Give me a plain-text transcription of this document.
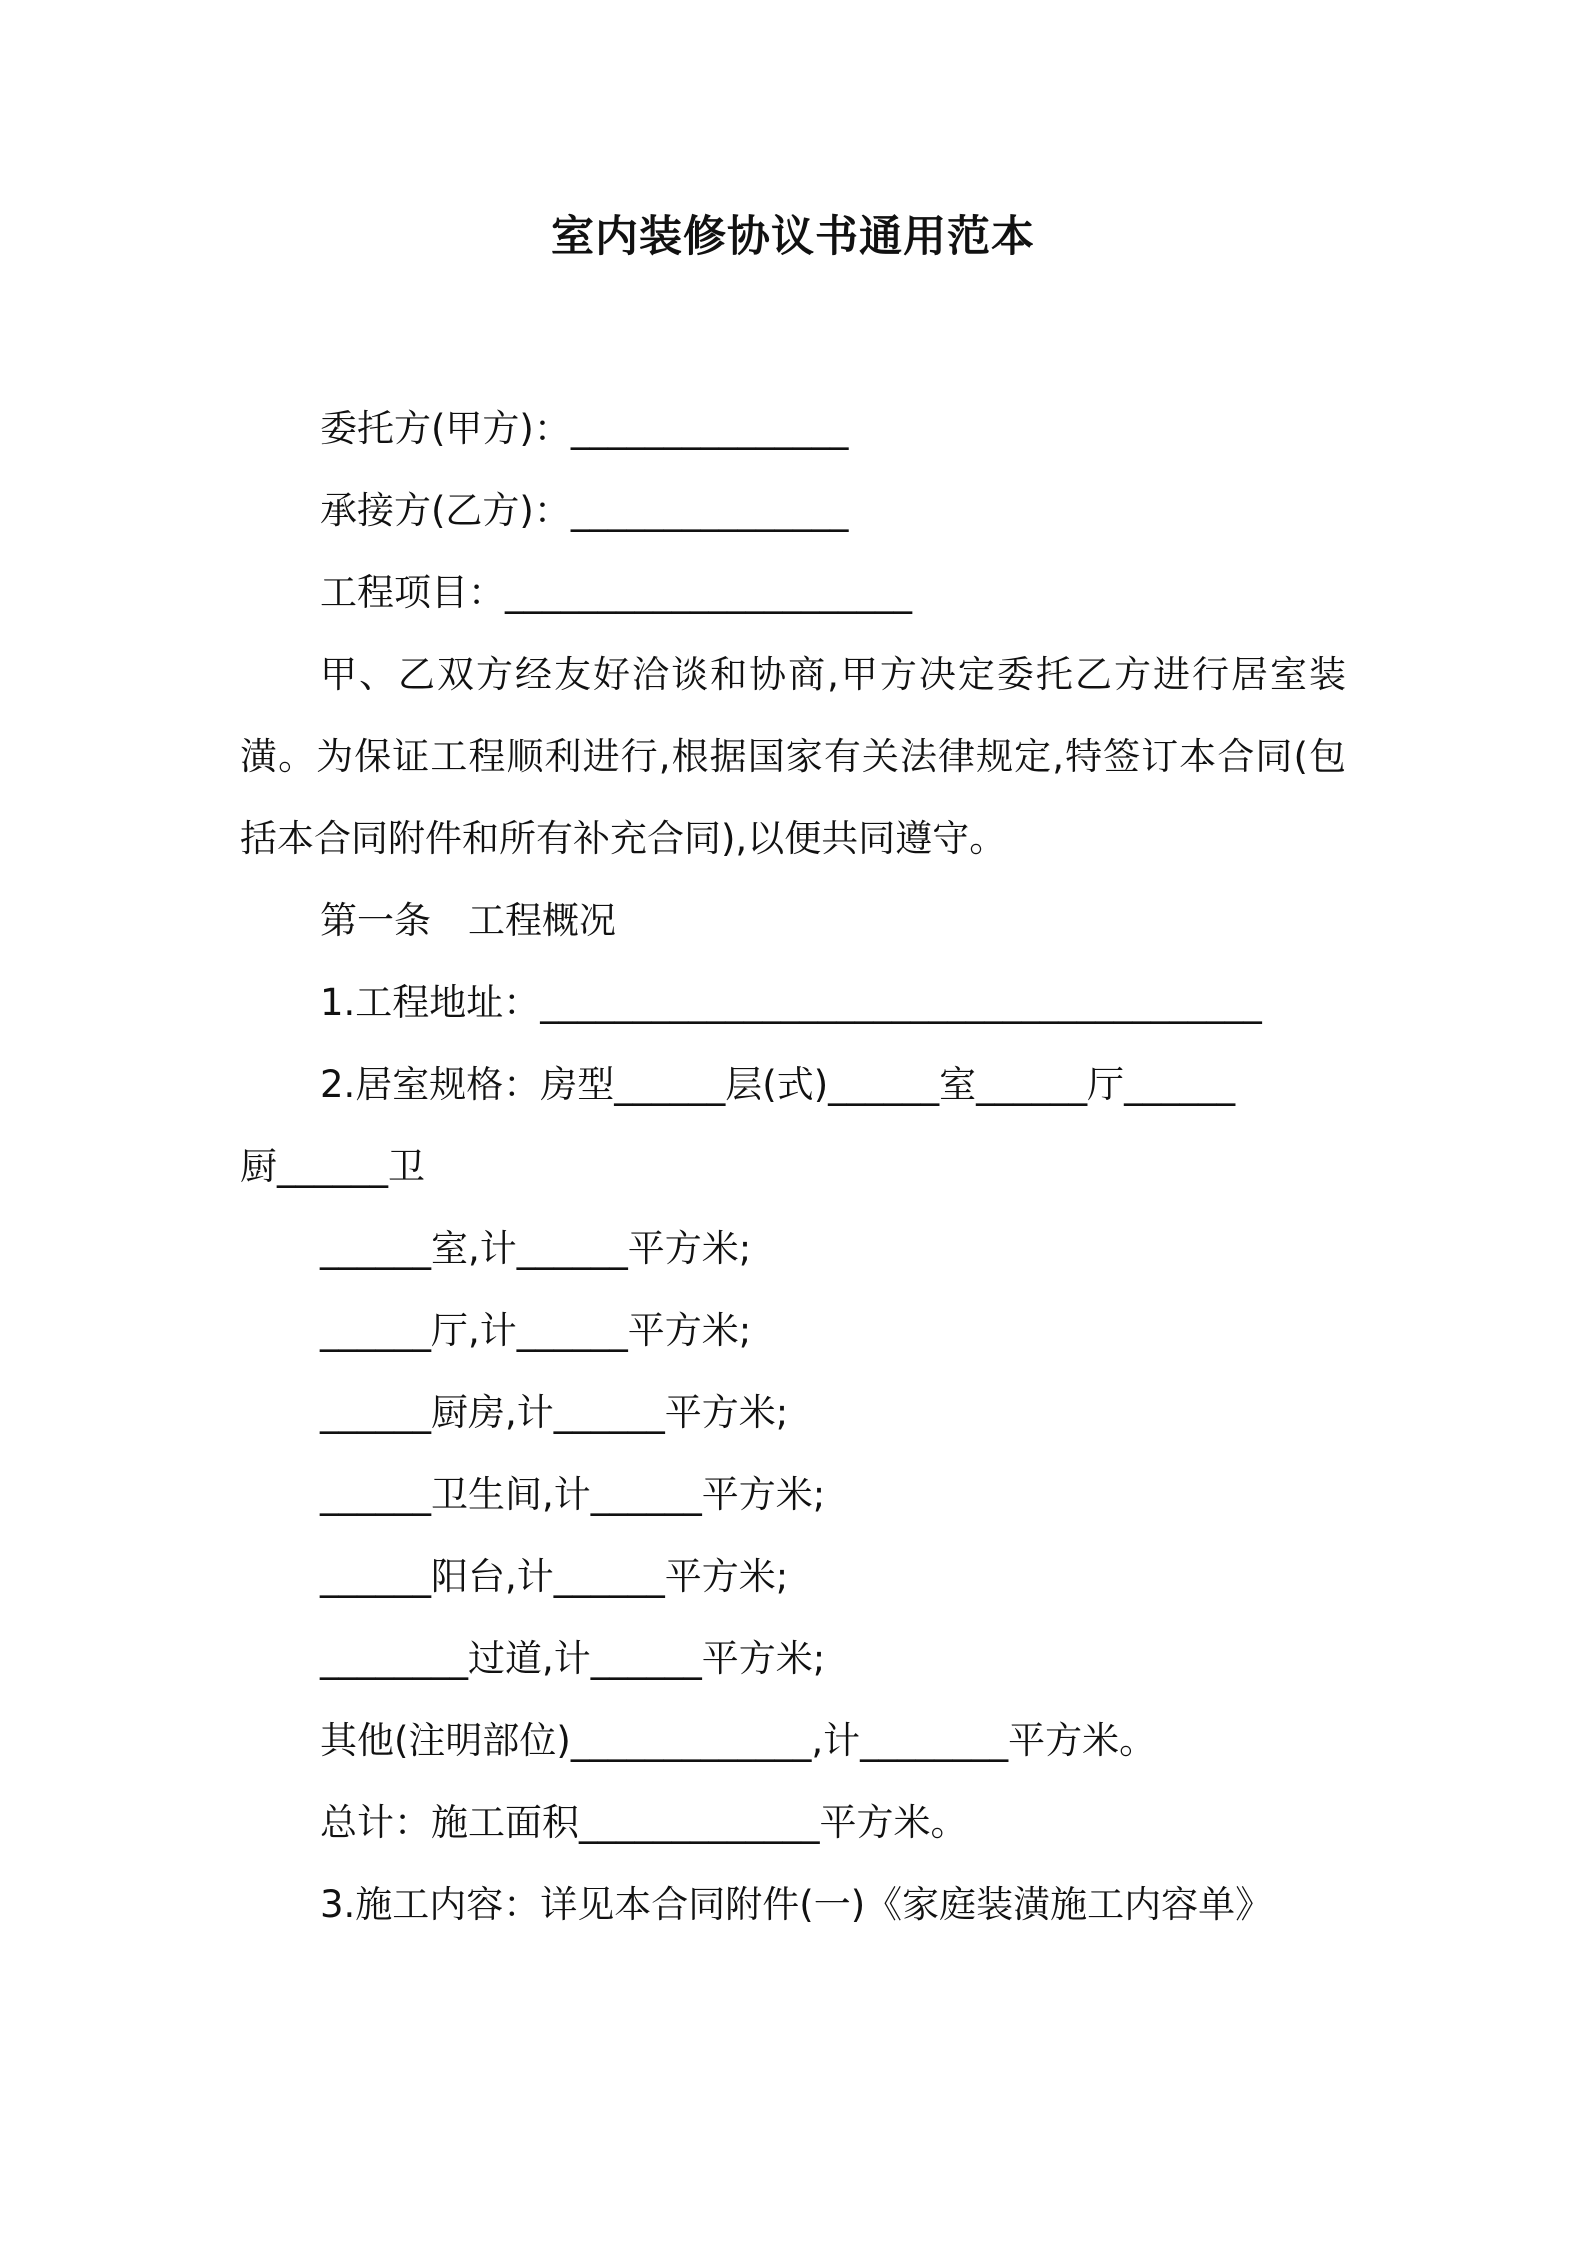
室内装修协议书通用范本

委托方(甲方)：_______________

承接方(乙方)：_______________

工程项目：______________________

甲、乙双方经友好洽谈和协商,甲方决定委托乙方进行居室装潢。为保证工程顺利进行,根据国家有关法律规定,特签订本合同(包括本合同附件和所有补充合同),以便共同遵守。

第一条　工程概况

1.工程地址：_______________________________________

2.居室规格：房型______层(式)______室______厅______

厨______卫

______室,计______平方米;

______厅,计______平方米;

______厨房,计______平方米;

______卫生间,计______平方米;

______阳台,计______平方米;

________过道,计______平方米;

其他(注明部位)_____________,计________平方米。

总计：施工面积_____________平方米。

3.施工内容：详见本合同附件(一)《家庭装潢施工内容单》
